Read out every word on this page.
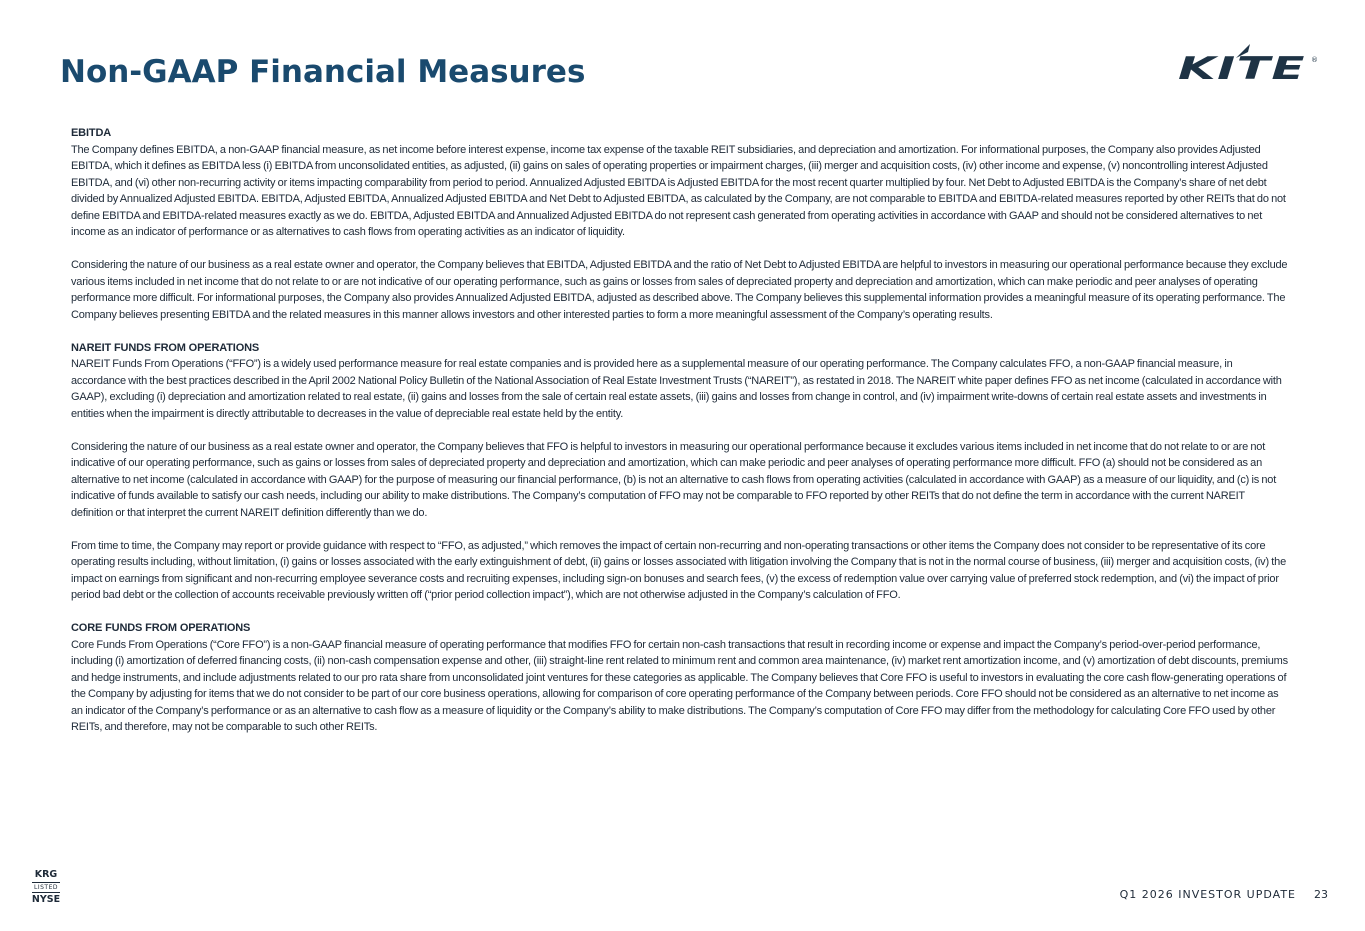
Non-GAAP Financial Measures	KITE ®

EBITDA

The Company defines EBITDA, a non-GAAP financial measure, as net income before interest expense, income tax expense of the taxable REIT subsidiaries, and depreciation and amortization. For informational purposes, the Company also provides Adjusted EBITDA, which it defines as EBITDA less (i) EBITDA from unconsolidated entities, as adjusted, (ii) gains on sales of operating properties or impairment charges, (iii) merger and acquisition costs, (iv) other income and expense, (v) noncontrolling interest Adjusted EBITDA, and (vi) other non-recurring activity or items impacting comparability from period to period. Annualized Adjusted EBITDA is Adjusted EBITDA for the most recent quarter multiplied by four. Net Debt to Adjusted EBITDA is the Company’s share of net debt divided by Annualized Adjusted EBITDA. EBITDA, Adjusted EBITDA, Annualized Adjusted EBITDA and Net Debt to Adjusted EBITDA, as calculated by the Company, are not comparable to EBITDA and EBITDA-related measures reported by other REITs that do not define EBITDA and EBITDA-related measures exactly as we do. EBITDA, Adjusted EBITDA and Annualized Adjusted EBITDA do not represent cash generated from operating activities in accordance with GAAP and should not be considered alternatives to net income as an indicator of performance or as alternatives to cash flows from operating activities as an indicator of liquidity.

Considering the nature of our business as a real estate owner and operator, the Company believes that EBITDA, Adjusted EBITDA and the ratio of Net Debt to Adjusted EBITDA are helpful to investors in measuring our operational performance because they exclude various items included in net income that do not relate to or are not indicative of our operating performance, such as gains or losses from sales of depreciated property and depreciation and amortization, which can make periodic and peer analyses of operating performance more difficult. For informational purposes, the Company also provides Annualized Adjusted EBITDA, adjusted as described above. The Company believes this supplemental information provides a meaningful measure of its operating performance. The Company believes presenting EBITDA and the related measures in this manner allows investors and other interested parties to form a more meaningful assessment of the Company’s operating results.

NAREIT FUNDS FROM OPERATIONS

NAREIT Funds From Operations (“FFO”) is a widely used performance measure for real estate companies and is provided here as a supplemental measure of our operating performance. The Company calculates FFO, a non-GAAP financial measure, in accordance with the best practices described in the April 2002 National Policy Bulletin of the National Association of Real Estate Investment Trusts (“NAREIT”), as restated in 2018. The NAREIT white paper defines FFO as net income (calculated in accordance with GAAP), excluding (i) depreciation and amortization related to real estate, (ii) gains and losses from the sale of certain real estate assets, (iii) gains and losses from change in control, and (iv) impairment write-downs of certain real estate assets and investments in entities when the impairment is directly attributable to decreases in the value of depreciable real estate held by the entity.

Considering the nature of our business as a real estate owner and operator, the Company believes that FFO is helpful to investors in measuring our operational performance because it excludes various items included in net income that do not relate to or are not indicative of our operating performance, such as gains or losses from sales of depreciated property and depreciation and amortization, which can make periodic and peer analyses of operating performance more difficult. FFO (a) should not be considered as an alternative to net income (calculated in accordance with GAAP) for the purpose of measuring our financial performance, (b) is not an alternative to cash flows from operating activities (calculated in accordance with GAAP) as a measure of our liquidity, and (c) is not indicative of funds available to satisfy our cash needs, including our ability to make distributions. The Company’s computation of FFO may not be comparable to FFO reported by other REITs that do not define the term in accordance with the current NAREIT definition or that interpret the current NAREIT definition differently than we do.

From time to time, the Company may report or provide guidance with respect to “FFO, as adjusted,” which removes the impact of certain non-recurring and non-operating transactions or other items the Company does not consider to be representative of its core operating results including, without limitation, (i) gains or losses associated with the early extinguishment of debt, (ii) gains or losses associated with litigation involving the Company that is not in the normal course of business, (iii) merger and acquisition costs, (iv) the impact on earnings from significant and non-recurring employee severance costs and recruiting expenses, including sign-on bonuses and search fees, (v) the excess of redemption value over carrying value of preferred stock redemption, and (vi) the impact of prior period bad debt or the collection of accounts receivable previously written off (“prior period collection impact”), which are not otherwise adjusted in the Company’s calculation of FFO.

CORE FUNDS FROM OPERATIONS

Core Funds From Operations (“Core FFO”) is a non-GAAP financial measure of operating performance that modifies FFO for certain non-cash transactions that result in recording income or expense and impact the Company’s period-over-period performance, including (i) amortization of deferred financing costs, (ii) non-cash compensation expense and other, (iii) straight-line rent related to minimum rent and common area maintenance, (iv) market rent amortization income, and (v) amortization of debt discounts, premiums and hedge instruments, and include adjustments related to our pro rata share from unconsolidated joint ventures for these categories as applicable. The Company believes that Core FFO is useful to investors in evaluating the core cash flow-generating operations of the Company by adjusting for items that we do not consider to be part of our core business operations, allowing for comparison of core operating performance of the Company between periods. Core FFO should not be considered as an alternative to net income as an indicator of the Company’s performance or as an alternative to cash flow as a measure of liquidity or the Company’s ability to make distributions. The Company’s computation of Core FFO may differ from the methodology for calculating Core FFO used by other REITs, and therefore, may not be comparable to such other REITs.

KRG
LISTED
NYSE	Q1 2026 INVESTOR UPDATE 23
